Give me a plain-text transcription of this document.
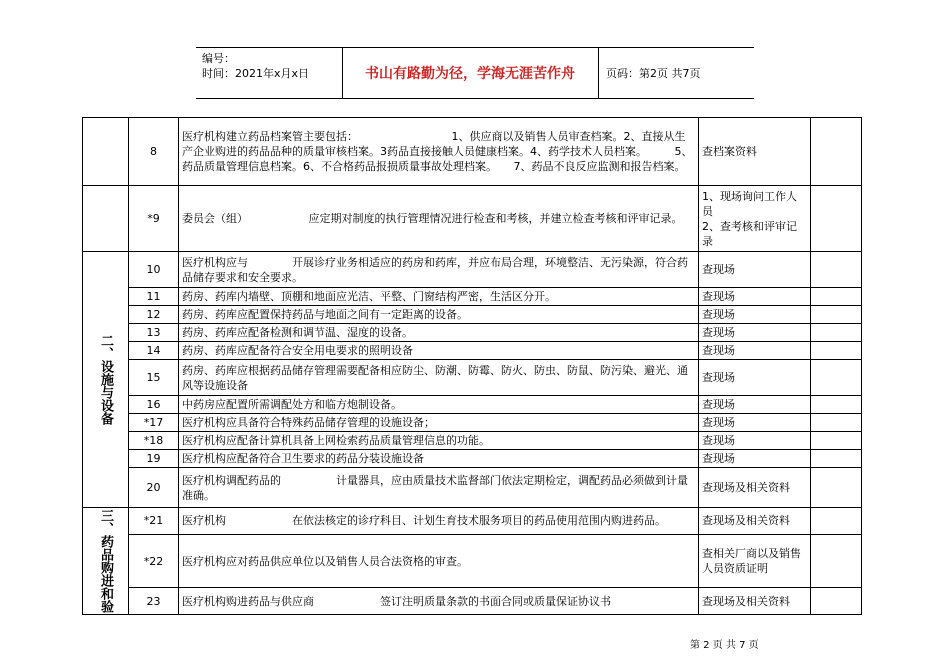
编号：
时间：2021年x月x日	书山有路勤为径，学海无涯苦作舟	页码：第2页 共7页
	8	医疗机构建立药品档案管主要包括：　　　　　　　　　1、供应商以及销售人员审查档案。2、直接从生产企业购进的药品品种的质量审核档案。3药品直接接触人员健康档案。4、药学技术人员档案。　　　5、药品质量管理信息档案。6、不合格药品报损质量事故处理档案。　　7、药品不良反应监测和报告档案。	查档案资料	
	*9	委员会（组）　　　　　　应定期对制度的执行管理情况进行检查和考核，并建立检查考核和评审记录。	1、现场询问工作人员
2、查考核和评审记录	
二、设施与设备	10	医疗机构应与　　　　开展诊疗业务相适应的药房和药库，并应布局合理，环境整洁、无污染源，符合药品储存要求和安全要求。	查现场	
	11	药房、药库内墙壁、顶棚和地面应光洁、平整、门窗结构严密，生活区分开。	查现场	
	12	药房、药库应配置保持药品与地面之间有一定距离的设备。	查现场	
	13	药房、药库应配备检测和调节温、湿度的设备。	查现场	
	14	药房、药库应配备符合安全用电要求的照明设备	查现场	
	15	药房、药库应根据药品储存管理需要配备相应防尘、防潮、防霉、防火、防虫、防鼠、防污染、避光、通风等设施设备	查现场	
	16	中药房应配置所需调配处方和临方炮制设备。	查现场	
	*17	医疗机构应具备符合特殊药品储存管理的设施设备；	查现场	
	*18	医疗机构应配备计算机具备上网检索药品质量管理信息的功能。	查现场	
	19	医疗机构应配备符合卫生要求的药品分装设施设备	查现场	
	20	医疗机构调配药品的　　　　　计量器具，应由质量技术监督部门依法定期检定，调配药品必须做到计量准确。	查现场及相关资料	
三、药品购进和验	*21	医疗机构　　　　　　在依法核定的诊疗科目、计划生育技术服务项目的药品使用范围内购进药品。	查现场及相关资料	
	*22	医疗机构应对药品供应单位以及销售人员合法资格的审查。	查相关厂商以及销售人员资质证明	
	23	医疗机构购进药品与供应商　　　　　　签订注明质量条款的书面合同或质量保证协议书	查现场及相关资料	
第 2 页 共 7 页
